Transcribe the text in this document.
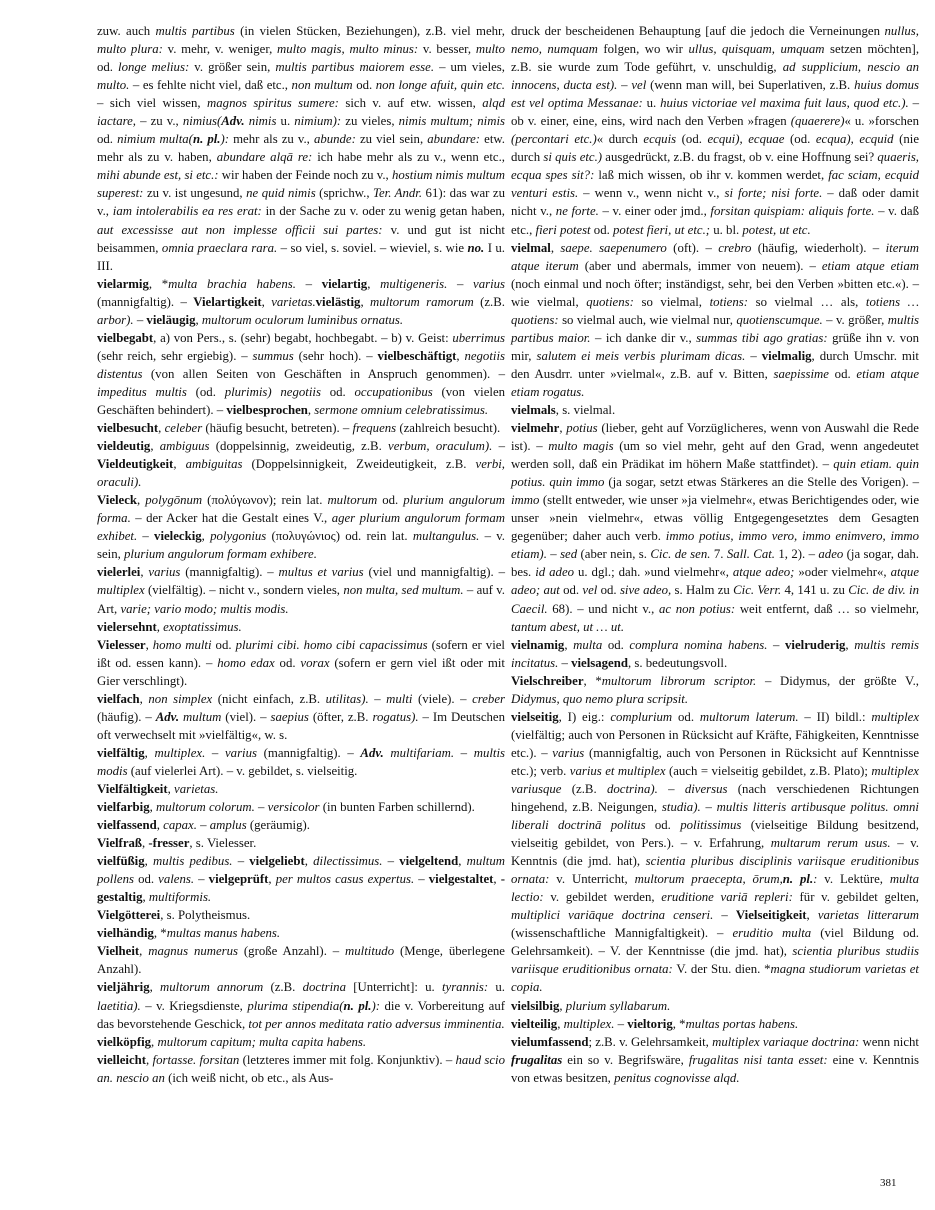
zuw. auch multis partibus (in vielen Stücken, Beziehungen), z.B. viel mehr, multo plura: v. mehr, v. weniger, multo magis, multo minus: v. besser, multo od. longe melius: v. größer sein, multis partibus maiorem esse. – um vieles, multo. – es fehlte nicht viel, daß etc., non multum od. non longe afuit, quin etc. – sich viel wissen, magnos spiritus sumere: sich v. auf etw. wissen, alqd iactare, – zu v., nimius(Adv. nimis u. nimium): zu vieles, nimis multum; nimis od. nimium multa(n. pl.): mehr als zu v., abunde: zu viel sein, abundare: etw. mehr als zu v. haben, abundare alqā re: ich habe mehr als zu v., wenn etc., mihi abunde est, si etc.: wir haben der Feinde noch zu v., hostium nimis multum superest: zu v. ist ungesund, ne quid nimis (sprichw., Ter. Andr. 61): das war zu v., iam intolerabilis ea res erat: in der Sache zu v. oder zu wenig getan haben, aut excessisse aut non implesse officii sui partes: v. und gut ist nicht beisammen, omnia praeclara rara. – so viel, s. soviel. – wieviel, s. wie no. I u. III.

vielarmig, *multa brachia habens. – vielartig, multigeneris. – varius (mannigfaltig). – Vielartigkeit, varietas.vielästig, multorum ramorum (z.B. arbor). – vieläugig, multorum oculorum luminibus ornatus.

vielbegabt, a) von Pers., s. (sehr) begabt, hochbegabt. – b) v. Geist: uberrimus (sehr reich, sehr ergiebig). – summus (sehr hoch). – vielbeschäftigt, negotiis distentus (von allen Seiten von Geschäften in Anspruch genommen). – impeditus multis (od. plurimis) negotiis od. occupationibus (von vielen Geschäften behindert). – vielbesprochen, sermone omnium celebratissimus.

vielbesucht, celeber (häufig besucht, betreten). – frequens (zahlreich besucht).

vieldeutig, ambiguus (doppelsinnig, zweideutig, z.B. verbum, oraculum). – Vieldeutigkeit, ambiguitas (Doppelsinnigkeit, Zweideutigkeit, z.B. verbi, oraculi).

Vieleck, polygōnum (πολύγωνον); rein lat. multorum od. plurium angulorum forma. – der Acker hat die Gestalt eines V., ager plurium angulorum formam exhibet. – vieleckig, polygonius (πολυγώνιος) od. rein lat. multangulus. – v. sein, plurium angulorum formam exhibere.

vielerlei, varius (mannigfaltig). – multus et varius (viel und mannigfaltig). – multiplex (vielfältig). – nicht v., sondern vieles, non multa, sed multum. – auf v. Art, varie; vario modo; multis modis.

vielersehnt, exoptatissimus.

Vielesser, homo multi od. plurimi cibi. homo cibi capacissimus (sofern er viel ißt od. essen kann). – homo edax od. vorax (sofern er gern viel ißt oder mit Gier verschlingt).

vielfach, non simplex (nicht einfach, z.B. utilitas). – multi (viele). – creber (häufig). – Adv. multum (viel). – saepius (öfter, z.B. rogatus). – Im Deutschen oft verwechselt mit »vielfältig«, w. s.

vielfältig, multiplex. – varius (mannigfaltig). – Adv. multifariam. – multis modis (auf vielerlei Art). – v. gebildet, s. vielseitig.

Vielfältigkeit, varietas.

vielfarbig, multorum colorum. – versicolor (in bunten Farben schillernd).

vielfassend, capax. – amplus (geräumig).

Vielfraß, -fresser, s. Vielesser.

vielfüßig, multis pedibus. – vielgeliebt, dilectissimus. – vielgeltend, multum pollens od. valens. – vielgeprüft, per multos casus expertus. – vielgestaltet, -gestaltig, multiformis.

Vielgötterei, s. Polytheismus.

vielhändig, *multas manus habens.

Vielheit, magnus numerus (große Anzahl). – multitudo (Menge, überlegene Anzahl).

vieljährig, multorum annorum (z.B. doctrina [Unterricht]: u. tyrannis: u. laetitia). – v. Kriegsdienste, plurima stipendia(n. pl.): die v. Vorbereitung auf das bevorstehende Geschick, tot per annos meditata ratio adversus imminentia.

vielköpfig, multorum capitum; multa capita habens.

vielleicht, fortasse. forsitan (letzteres immer mit folg. Konjunktiv). – haud scio an. nescio an (ich weiß nicht, ob etc., als Aus-

druck der bescheidenen Behauptung [auf die jedoch die Verneinungen nullus, nemo, numquam folgen, wo wir ullus, quisquam, umquam setzen möchten], z.B. sie wurde zum Tode geführt, v. unschuldig, ad supplicium, nescio an innocens, ducta est). – vel (wenn man will, bei Superlativen, z.B. huius domus est vel optima Messanae: u. huius victoriae vel maxima fuit laus, quod etc.). – ob v. einer, eine, eins, wird nach den Verben »fragen (quaerere)« u. »forschen (percontari etc.)« durch ecquis (od. ecqui), ecquae (od. ecqua), ecquid (nie durch si quis etc.) ausgedrückt, z.B. du fragst, ob v. eine Hoffnung sei? quaeris, ecqua spes sit?: laß mich wissen, ob ihr v. kommen werdet, fac sciam, ecquid venturi estis. – wenn v., wenn nicht v., si forte; nisi forte. – daß oder damit nicht v., ne forte. – v. einer oder jmd., forsitan quispiam: aliquis forte. – v. daß etc., fieri potest od. potest fieri, ut etc.; u. bl. potest, ut etc.

vielmal, saepe. saepenumero (oft). – crebro (häufig, wiederholt). – iterum atque iterum (aber und abermals, immer von neuem). – etiam atque etiam (noch einmal und noch öfter; inständigst, sehr, bei den Verben »bitten etc.«). – wie vielmal, quotiens: so vielmal, totiens: so vielmal … als, totiens … quotiens: so vielmal auch, wie vielmal nur, quotienscumque. – v. größer, multis partibus maior. – ich danke dir v., summas tibi ago gratias: grüße ihn v. von mir, salutem ei meis verbis plurimam dicas. – vielmalig, durch Umschr. mit den Ausdrr. unter »vielmal«, z.B. auf v. Bitten, saepissime od. etiam atque etiam rogatus.

vielmals, s. vielmal.

vielmehr, potius (lieber, geht auf Vorzüglicheres, wenn von Auswahl die Rede ist). – multo magis (um so viel mehr, geht auf den Grad, wenn angedeutet werden soll, daß ein Prädikat im höhern Maße stattfindet). – quin etiam. quin potius. quin immo (ja sogar, setzt etwas Stärkeres an die Stelle des Vorigen). – immo (stellt entweder, wie unser »ja vielmehr«, etwas Berichtigendes oder, wie unser »nein vielmehr«, etwas völlig Entgegengesetztes dem Gesagten gegenüber; daher auch verb. immo potius, immo vero, immo enimvero, immo etiam). – sed (aber nein, s. Cic. de sen. 7. Sall. Cat. 1, 2). – adeo (ja sogar, dah. bes. id adeo u. dgl.; dah. »und vielmehr«, atque adeo; »oder vielmehr«, atque adeo; aut od. vel od. sive adeo, s. Halm zu Cic. Verr. 4, 141 u. zu Cic. de div. in Caecil. 68). – und nicht v., ac non potius: weit entfernt, daß … so vielmehr, tantum abest, ut … ut.

vielnamig, multa od. complura nomina habens. – vielruderig, multis remis incitatus. – vielsagend, s. bedeutungsvoll.

Vielschreiber, *multorum librorum scriptor. – Didymus, der größte V., Didymus, quo nemo plura scripsit.

vielseitig, I) eig.: complurium od. multorum laterum. – II) bildl.: multiplex (vielfältig; auch von Personen in Rücksicht auf Kräfte, Fähigkeiten, Kenntnisse etc.). – varius (mannigfaltig, auch von Personen in Rücksicht auf Kenntnisse etc.); verb. varius et multiplex (auch = vielseitig gebildet, z.B. Plato); multiplex variusque (z.B. doctrina). – diversus (nach verschiedenen Richtungen hingehend, z.B. Neigungen, studia). – multis litteris artibusque politus. omni liberali doctrinā politus od. politissimus (vielseitige Bildung besitzend, vielseitig gebildet, von Pers.). – v. Erfahrung, multarum rerum usus. – v. Kenntnis (die jmd. hat), scientia pluribus disciplinis variisque eruditionibus ornata: v. Unterricht, multorum praecepta, ōrum,n. pl.: v. Lektüre, multa lectio: v. gebildet werden, eruditione variā repleri: für v. gebildet gelten, multiplici variāque doctrina censeri. – Vielseitigkeit, varietas litterarum (wissenschaftliche Mannigfaltigkeit). – eruditio multa (viel Bildung od. Gelehrsamkeit). – V. der Kenntnisse (die jmd. hat), scientia pluribus studiis variisque eruditionibus ornata: V. der Stu. dien. *magna studiorum varietas et copia.

vielsilbig, plurium syllabarum.

vielteilig, multiplex. – vieltorig, *multas portas habens.

vielumfassend; z.B. v. Gelehrsamkeit, multiplex variaque doctrina: wenn nicht frugalitas ein so v. Begrifswäre, frugalitas nisi tanta esset: eine v. Kenntnis von etwas besitzen, penitus cognovisse alqd.

381
